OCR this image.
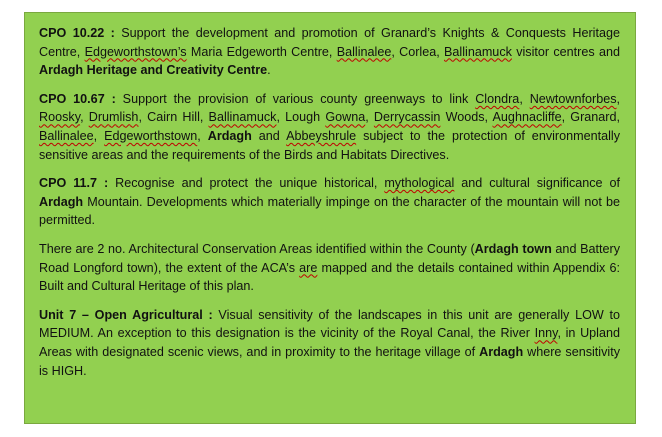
CPO 10.22 : Support the development and promotion of Granard’s Knights & Conquests Heritage Centre, Edgeworthstown’s Maria Edgeworth Centre, Ballinalee, Corlea, Ballinamuck visitor centres and Ardagh Heritage and Creativity Centre.

CPO 10.67 : Support the provision of various county greenways to link Clondra, Newtownforbes, Roosky, Drumlish, Cairn Hill, Ballinamuck, Lough Gowna, Derrycassin Woods, Aughnacliffe, Granard, Ballinalee, Edgeworthstown, Ardagh and Abbeyshrule subject to the protection of environmentally sensitive areas and the requirements of the Birds and Habitats Directives.

CPO 11.7 : Recognise and protect the unique historical, mythological and cultural significance of Ardagh Mountain. Developments which materially impinge on the character of the mountain will not be permitted.

There are 2 no. Architectural Conservation Areas identified within the County (Ardagh town and Battery Road Longford town), the extent of the ACA’s are mapped and the details contained within Appendix 6: Built and Cultural Heritage of this plan.

Unit 7 – Open Agricultural : Visual sensitivity of the landscapes in this unit are generally LOW to MEDIUM. An exception to this designation is the vicinity of the Royal Canal, the River Inny, in Upland Areas with designated scenic views, and in proximity to the heritage village of Ardagh where sensitivity is HIGH.
